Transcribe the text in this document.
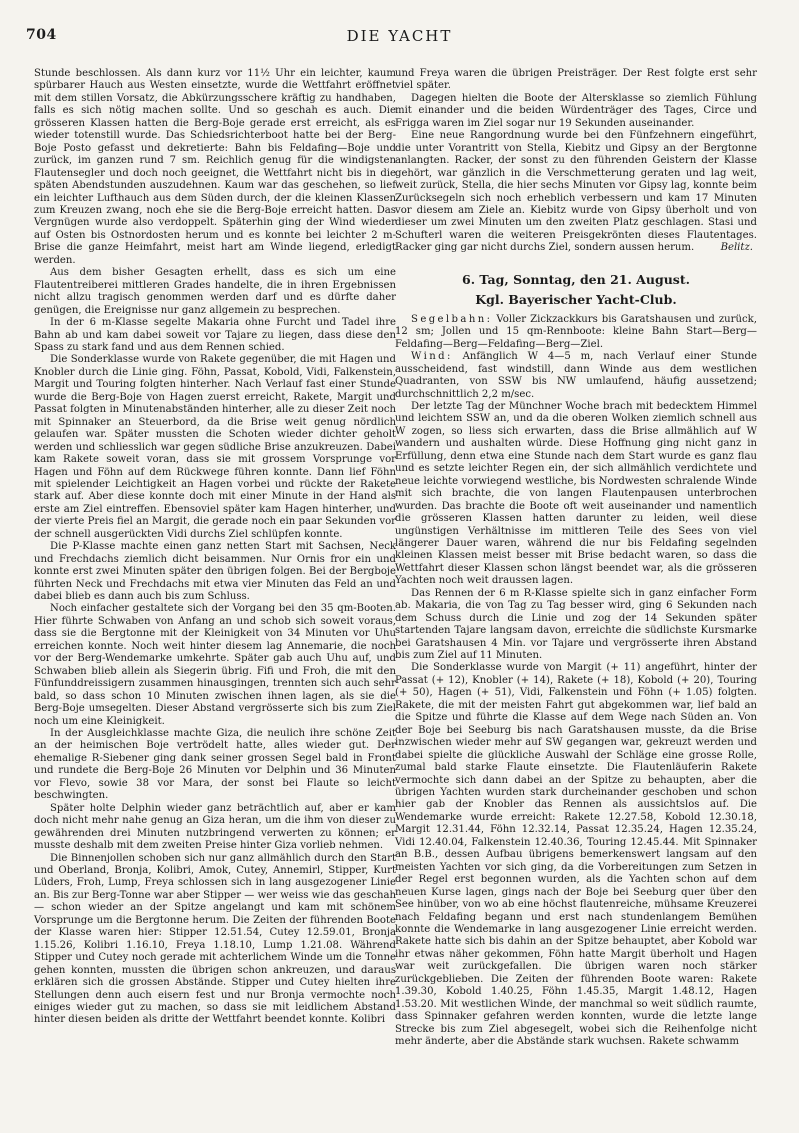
704	DIE YACHT

Stunde beschlossen. Als dann kurz vor 11½ Uhr ein leichter, kaum spürbarer Hauch aus Westen einsetzte, wurde die Wettfahrt eröffnet mit dem stillen Vorsatz, die Abkürzungsschere kräftig zu handhaben, falls es sich nötig machen sollte. Und so geschah es auch. Die grösseren Klassen hatten die Berg-Boje gerade erst erreicht, als es wieder totenstill wurde. Das Schiedsrichterboot hatte bei der Berg-Boje Posto gefasst und dekretierte: Bahn bis Feldafing—Boje und zurück, im ganzen rund 7 sm. Reichlich genug für die windigsten Flautensegler und doch noch geeignet, die Wettfahrt nicht bis in die späten Abendstunden auszudehnen. Kaum war das geschehen, so lief ein leichter Lufthauch aus dem Süden durch, der die kleinen Klassen zum Kreuzen zwang, noch ehe sie die Berg-Boje erreicht hatten. Das Vergnügen wurde also verdoppelt. Späterhin ging der Wind wieder auf Osten bis Ostnordosten herum und es konnte bei leichter 2 m-Brise die ganze Heimfahrt, meist hart am Winde liegend, erledigt werden.

Aus dem bisher Gesagten erhellt, dass es sich um eine Flautentreiberei mittleren Grades handelte, die in ihren Ergebnissen nicht allzu tragisch genommen werden darf und es dürfte daher genügen, die Ereignisse nur ganz allgemein zu besprechen.

In der 6 m-Klasse segelte Makaria ohne Furcht und Tadel ihre Bahn ab und kam dabei soweit vor Tajare zu liegen, dass diese den Spass zu stark fand und aus dem Rennen schied.

Die Sonderklasse wurde von Rakete gegenüber, die mit Hagen und Knobler durch die Linie ging. Föhn, Passat, Kobold, Vidi, Falkenstein, Margit und Touring folgten hinterher. Nach Verlauf fast einer Stunde wurde die Berg-Boje von Hagen zuerst erreicht, Rakete, Margit und Passat folgten in Minutenabständen hinterher, alle zu dieser Zeit noch mit Spinnaker an Steuerbord, da die Brise weit genug nördlich gelaufen war. Später mussten die Schoten wieder dichter geholt werden und schliesslich war gegen südliche Brise anzukreuzen. Dabei kam Rakete soweit voran, dass sie mit grossem Vorsprunge vor Hagen und Föhn auf dem Rückwege führen konnte. Dann lief Föhn mit spielender Leichtigkeit an Hagen vorbei und rückte der Rakete stark auf. Aber diese konnte doch mit einer Minute in der Hand als erste am Ziel eintreffen. Ebensoviel später kam Hagen hinterher, und der vierte Preis fiel an Margit, die gerade noch ein paar Sekunden vor der schnell ausgerückten Vidi durchs Ziel schlüpfen konnte.

Die P-Klasse machte einen ganz netten Start mit Sachsen, Neck und Frechdachs ziemlich dicht beisammen. Nur Ornis fror ein und konnte erst zwei Minuten später den übrigen folgen. Bei der Bergboje führten Neck und Frechdachs mit etwa vier Minuten das Feld an und dabei blieb es dann auch bis zum Schluss.

Noch einfacher gestaltete sich der Vorgang bei den 35 qm-Booten. Hier führte Schwaben von Anfang an und schob sich soweit voraus, dass sie die Bergtonne mit der Kleinigkeit von 34 Minuten vor Uhu erreichen konnte. Noch weit hinter diesem lag Annemarie, die noch vor der Berg-Wendemarke umkehrte. Später gab auch Uhu auf, und Schwaben blieb allein als Siegerin übrig. Fifi und Froh, die mit den Fünfunddreissigern zusammen hinausgingen, trennten sich auch sehr bald, so dass schon 10 Minuten zwischen ihnen lagen, als sie die Berg-Boje umsegelten. Dieser Abstand vergrösserte sich bis zum Ziel noch um eine Kleinigkeit.

In der Ausgleichklasse machte Giza, die neulich ihre schöne Zeit an der heimischen Boje vertrödelt hatte, alles wieder gut. Der ehemalige R-Siebener ging dank seiner grossen Segel bald in Front und rundete die Berg-Boje 26 Minuten vor Delphin und 36 Minuten vor Flevo, sowie 38 vor Mara, der sonst bei Flaute so leicht beschwingten.

Später holte Delphin wieder ganz beträchtlich auf, aber er kam doch nicht mehr nahe genug an Giza heran, um die ihm von dieser zu gewährenden drei Minuten nutzbringend verwerten zu können; er musste deshalb mit dem zweiten Preise hinter Giza vorlieb nehmen.

Die Binnenjollen schoben sich nur ganz allmählich durch den Start und Oberland, Bronja, Kolibri, Amok, Cutey, Annemirl, Stipper, Kurt Lüders, Froh, Lump, Freya schlossen sich in lang ausgezogener Linie an. Bis zur Berg-Tonne war aber Stipper — wer weiss wie das geschah — schon wieder an der Spitze angelangt und kam mit schönem Vorsprunge um die Bergtonne herum. Die Zeiten der führenden Boote der Klasse waren hier: Stipper 12.51.54, Cutey 12.59.01, Bronja 1.15.26, Kolibri 1.16.10, Freya 1.18.10, Lump 1.21.08. Während Stipper und Cutey noch gerade mit achterlichem Winde um die Tonne gehen konnten, mussten die übrigen schon ankreuzen, und daraus erklären sich die grossen Abstände. Stipper und Cutey hielten ihre Stellungen denn auch eisern fest und nur Bronja vermochte noch einiges wieder gut zu machen, so dass sie mit leidlichem Abstand hinter diesen beiden als dritte der Wettfahrt beendet konnte. Kolibri

und Freya waren die übrigen Preisträger. Der Rest folgte erst sehr viel später.

Dagegen hielten die Boote der Altersklasse so ziemlich Fühlung mit einander und die beiden Würdenträger des Tages, Circe und Frigga waren im Ziel sogar nur 19 Sekunden auseinander.

Eine neue Rangordnung wurde bei den Fünfzehnern eingeführt, die unter Vorantritt von Stella, Kiebitz und Gipsy an der Bergtonne anlangten. Racker, der sonst zu den führenden Geistern der Klasse gehört, war gänzlich in die Verschmetterung geraten und lag weit, weit zurück, Stella, die hier sechs Minuten vor Gipsy lag, konnte beim Zurücksegeln sich noch erheblich verbessern und kam 17 Minuten vor diesem am Ziele an. Kiebitz wurde von Gipsy überholt und von dieser um zwei Minuten um den zweiten Platz geschlagen. Stasi und Schufterl waren die weiteren Preisgekrönten dieses Flautentages. Racker ging gar nicht durchs Ziel, sondern aussen herum.	Belitz.

6. Tag, Sonntag, den 21. August.
Kgl. Bayerischer Yacht-Club.

Segelbahn: Voller Zickzackkurs bis Garatshausen und zurück, 12 sm; Jollen und 15 qm-Rennboote: kleine Bahn Start—Berg—Feldafing—Berg—Feldafing—Berg—Ziel.

Wind: Anfänglich W 4—5 m, nach Verlauf einer Stunde ausscheidend, fast windstill, dann Winde aus dem westlichen Quadranten, von SSW bis NW umlaufend, häufig aussetzend; durchschnittlich 2,2 m/sec.

Der letzte Tag der Münchner Woche brach mit bedecktem Himmel und leichtem SSW an, und da die oberen Wolken ziemlich schnell aus W zogen, so liess sich erwarten, dass die Brise allmählich auf W wandern und aushalten würde. Diese Hoffnung ging nicht ganz in Erfüllung, denn etwa eine Stunde nach dem Start wurde es ganz flau und es setzte leichter Regen ein, der sich allmählich verdichtete und neue leichte vorwiegend westliche, bis Nordwesten schralende Winde mit sich brachte, die von langen Flautenpausen unterbrochen wurden. Das brachte die Boote oft weit auseinander und namentlich die grösseren Klassen hatten darunter zu leiden, weil diese ungünstigen Verhältnisse im mittleren Teile des Sees von viel längerer Dauer waren, während die nur bis Feldafing segelnden kleinen Klassen meist besser mit Brise bedacht waren, so dass die Wettfahrt dieser Klassen schon längst beendet war, als die grösseren Yachten noch weit draussen lagen.

Das Rennen der 6 m R-Klasse spielte sich in ganz einfacher Form ab. Makaria, die von Tag zu Tag besser wird, ging 6 Sekunden nach dem Schuss durch die Linie und zog der 14 Sekunden später startenden Tajare langsam davon, erreichte die südlichste Kursmarke bei Garatshausen 4 Min. vor Tajare und vergrösserte ihren Abstand bis zum Ziel auf 11 Minuten.

Die Sonderklasse wurde von Margit (+ 11) angeführt, hinter der Passat (+ 12), Knobler (+ 14), Rakete (+ 18), Kobold (+ 20), Touring (+ 50), Hagen (+ 51), Vidi, Falkenstein und Föhn (+ 1.05) folgten. Rakete, die mit der meisten Fahrt gut abgekommen war, lief bald an die Spitze und führte die Klasse auf dem Wege nach Süden an. Von der Boje bei Seeburg bis nach Garatshausen musste, da die Brise inzwischen wieder mehr auf SW gegangen war, gekreuzt werden und dabei spielte die glückliche Auswahl der Schläge eine grosse Rolle, zumal bald starke Flaute einsetzte. Die Flautenläuferin Rakete vermochte sich dann dabei an der Spitze zu behaupten, aber die übrigen Yachten wurden stark durcheinander geschoben und schon hier gab der Knobler das Rennen als aussichtslos auf. Die Wendemarke wurde erreicht: Rakete 12.27.58, Kobold 12.30.18, Margit 12.31.44, Föhn 12.32.14, Passat 12.35.24, Hagen 12.35.24, Vidi 12.40.04, Falkenstein 12.40.36, Touring 12.45.44. Mit Spinnaker an B.B., dessen Aufbau übrigens bemerkenswert langsam auf den meisten Yachten vor sich ging, da die Vorbereitungen zum Setzen in der Regel erst begonnen wurden, als die Yachten schon auf dem neuen Kurse lagen, gings nach der Boje bei Seeburg quer über den See hinüber, von wo ab eine höchst flautenreiche, mühsame Kreuzerei nach Feldafing begann und erst nach stundenlangem Bemühen konnte die Wendemarke in lang ausgezogener Linie erreicht werden. Rakete hatte sich bis dahin an der Spitze behauptet, aber Kobold war ihr etwas näher gekommen, Föhn hatte Margit überholt und Hagen war weit zurückgefallen. Die übrigen waren noch stärker zurückgeblieben. Die Zeiten der führenden Boote waren: Rakete 1.39.30, Kobold 1.40.25, Föhn 1.45.35, Margit 1.48.12, Hagen 1.53.20. Mit westlichen Winde, der manchmal so weit südlich raumte, dass Spinnaker gefahren werden konnten, wurde die letzte lange Strecke bis zum Ziel abgesegelt, wobei sich die Reihenfolge nicht mehr änderte, aber die Abstände stark wuchsen. Rakete schwamm
